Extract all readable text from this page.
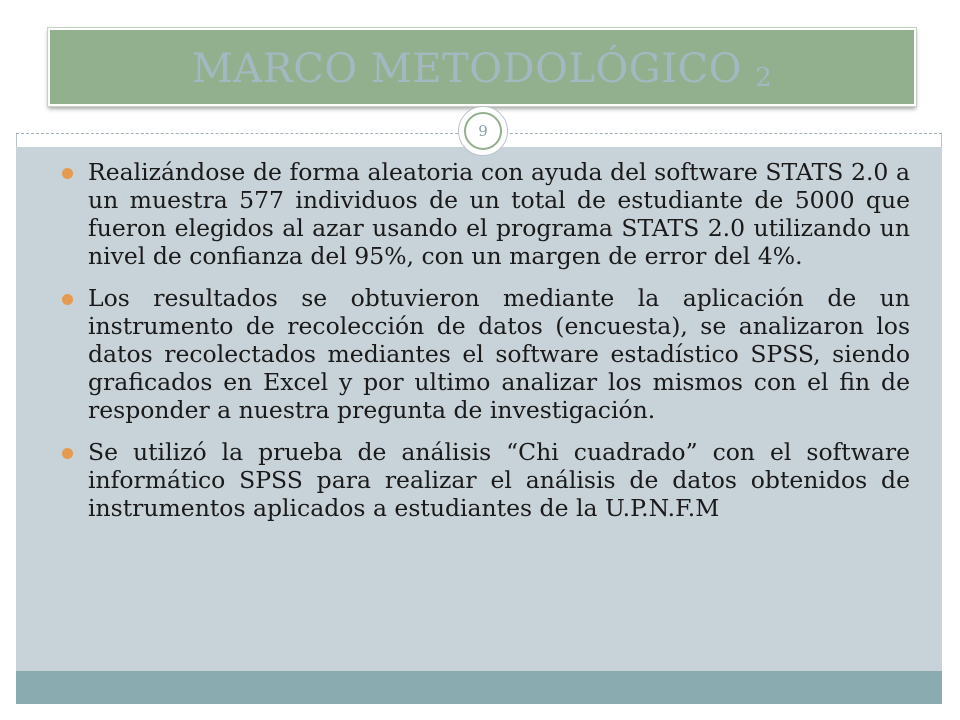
MARCO METODOLÓGICO $_2$
9
Realizándose de forma aleatoria con ayuda del software STATS 2.0 a un muestra 577 individuos de un total de estudiante de 5000 que fueron elegidos al azar usando el programa STATS 2.0 utilizando un nivel de confianza del 95%, con un margen de error del 4%.
Los resultados se obtuvieron mediante la aplicación de un instrumento de recolección de datos (encuesta), se analizaron los datos recolectados mediantes el software estadístico SPSS, siendo graficados en Excel y por ultimo analizar los mismos con el fin de responder a nuestra pregunta de investigación.
Se utilizó la prueba de análisis “Chi cuadrado” con el software informático SPSS para realizar el análisis de datos obtenidos de instrumentos aplicados a estudiantes de la U.P.N.F.M
